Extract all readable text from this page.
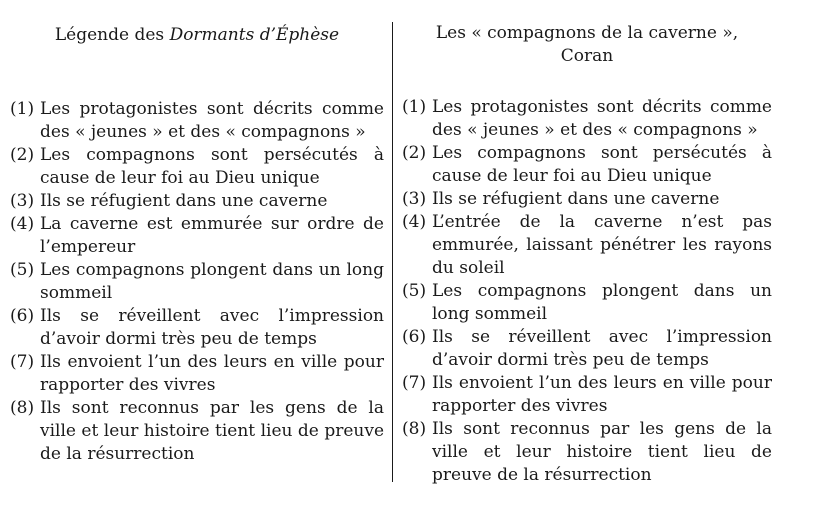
Légende des Dormants d’Éphèse
(1) Les protagonistes sont décrits comme des « jeunes » et des « compagnons »
(2) Les compagnons sont persécutés à cause de leur foi au Dieu unique
(3) Ils se réfugient dans une caverne
(4) La caverne est emmurée sur ordre de l’empereur
(5) Les compagnons plongent dans un long sommeil
(6) Ils se réveillent avec l’impression d’avoir dormi très peu de temps
(7) Ils envoient l’un des leurs en ville pour rapporter des vivres
(8) Ils sont reconnus par les gens de la ville et leur histoire tient lieu de preuve de la résurrection
Les « compagnons de la caverne »,
Coran
(1) Les protagonistes sont décrits comme des « jeunes » et des « compagnons »
(2) Les compagnons sont persécutés à cause de leur foi au Dieu unique
(3) Ils se réfugient dans une caverne
(4) L’entrée de la caverne n’est pas emmurée, laissant pénétrer les rayons du soleil
(5) Les compagnons plongent dans un long sommeil
(6) Ils se réveillent avec l’impression d’avoir dormi très peu de temps
(7) Ils envoient l’un des leurs en ville pour rapporter des vivres
(8) Ils sont reconnus par les gens de la ville et leur histoire tient lieu de preuve de la résurrection
